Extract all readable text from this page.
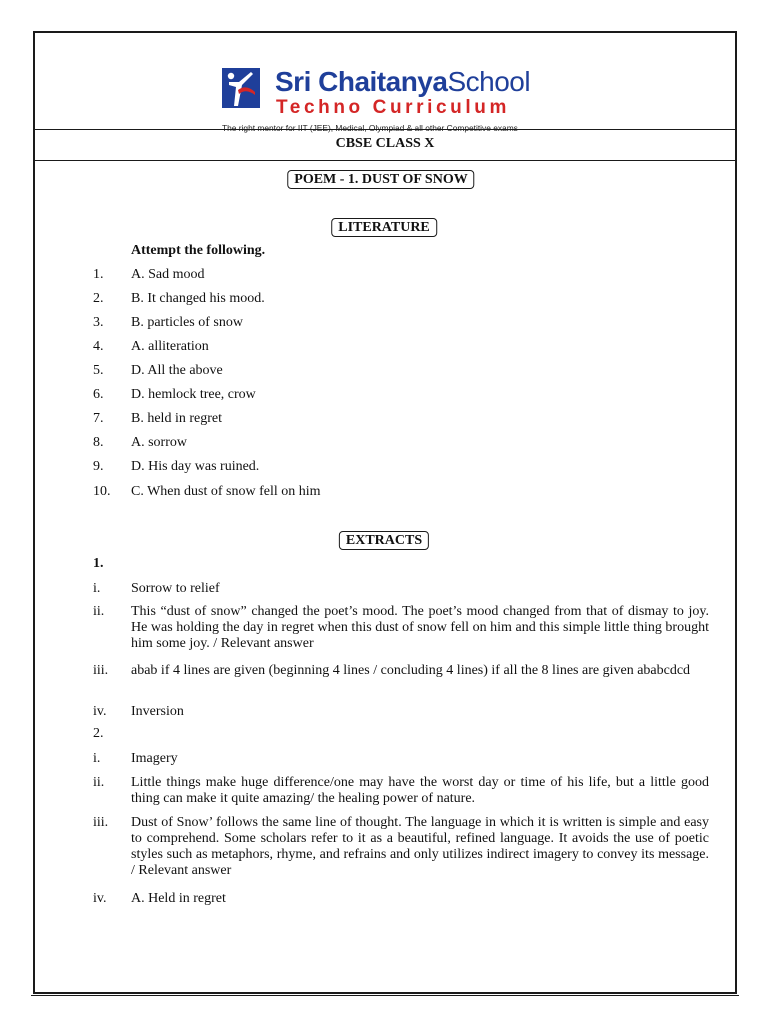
Sri ChaitanyaSchool
Techno Curriculum
The right mentor for IIT (JEE), Medical, Olympiad & all other Competitive exams
CBSE CLASS X
POEM - 1. DUST OF SNOW
LITERATURE
Attempt the following.
1. A. Sad mood
2. B. It changed his mood.
3. B. particles of snow
4. A. alliteration
5. D. All the above
6. D. hemlock tree, crow
7. B. held in regret
8. A. sorrow
9. D. His day was ruined.
10. C. When dust of snow fell on him
EXTRACTS
1.
i. Sorrow to relief
ii. This “dust of snow” changed the poet’s mood. The poet’s mood changed from that of dismay to joy. He was holding the day in regret when this dust of snow fell on him and this simple little thing brought him some joy. / Relevant answer
iii. abab if 4 lines are given (beginning 4 lines / concluding 4 lines) if all the 8 lines are given ababcdcd
iv. Inversion
2.
i. Imagery
ii. Little things make huge difference/one may have the worst day or time of his life, but a little good thing can make it quite amazing/ the healing power of nature.
iii. Dust of Snow’ follows the same line of thought. The language in which it is written is simple and easy to comprehend. Some scholars refer to it as a beautiful, refined language. It avoids the use of poetic styles such as metaphors, rhyme, and refrains and only utilizes indirect imagery to convey its message. / Relevant answer
iv. A. Held in regret
